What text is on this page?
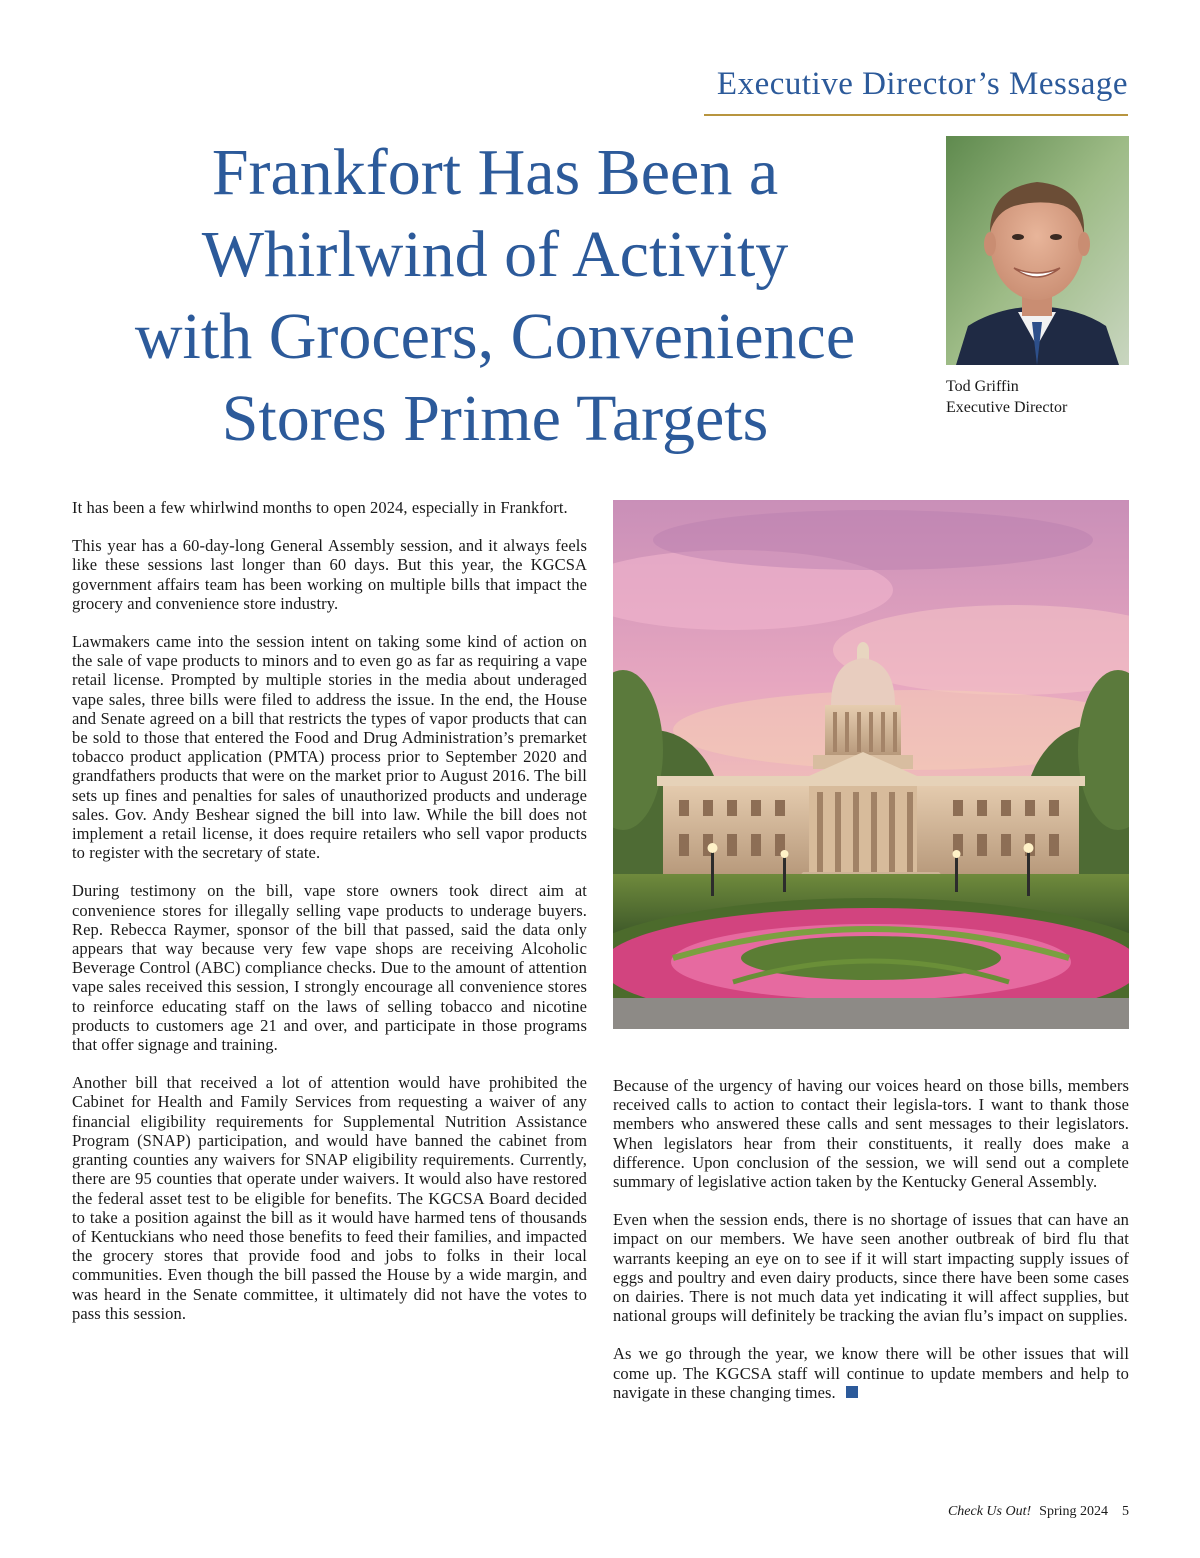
Executive Director’s Message
Frankfort Has Been a
Whirlwind of Activity
with Grocers, Convenience
Stores Prime Targets	Tod Griffin
Executive Director

It has been a few whirlwind months to open 2024, especially in Frankfort.

This year has a 60-day-long General Assembly session, and it always feels like these sessions last longer than 60 days. But this year, the KGCSA government affairs team has been working on multiple bills that impact the grocery and convenience store industry.

Lawmakers came into the session intent on taking some kind of action on the sale of vape products to minors and to even go as far as requiring a vape retail license. Prompted by multiple stories in the media about underaged vape sales, three bills were filed to address the issue. In the end, the House and Senate agreed on a bill that restricts the types of vapor products that can be sold to those that entered the Food and Drug Administration’s premarket tobacco product application (PMTA) process prior to September 2020 and grandfathers products that were on the market prior to August 2016. The bill sets up fines and penalties for sales of unauthorized products and underage sales. Gov. Andy Beshear signed the bill into law. While the bill does not implement a retail license, it does require retailers who sell vapor products to register with the secretary of state.

During testimony on the bill, vape store owners took direct aim at convenience stores for illegally selling vape products to underage buyers. Rep. Rebecca Raymer, sponsor of the bill that passed, said the data only appears that way because very few vape shops are receiving Alcoholic Beverage Control (ABC) compliance checks. Due to the amount of attention vape sales received this session, I strongly encourage all convenience stores to reinforce educating staff on the laws of selling tobacco and nicotine products to customers age 21 and over, and participate in those programs that offer signage and training.

Another bill that received a lot of attention would have prohibited the Cabinet for Health and Family Services from requesting a waiver of any financial eligibility requirements for Supplemental Nutrition Assistance Program (SNAP) participation, and would have banned the cabinet from granting counties any waivers for SNAP eligibility requirements. Currently, there are 95 counties that operate under waivers. It would also have restored the federal asset test to be eligible for benefits. The KGCSA Board decided to take a position against the bill as it would have harmed tens of thousands of Kentuckians who need those benefits to feed their families, and impacted the grocery stores that provide food and jobs to folks in their local communities. Even though the bill passed the House by a wide margin, and was heard in the Senate committee, it ultimately did not have the votes to pass this session.

Because of the urgency of having our voices heard on those bills, members received calls to action to contact their legisla-tors. I want to thank those members who answered these calls and sent messages to their legislators. When legislators hear from their constituents, it really does make a difference. Upon conclusion of the session, we will send out a complete summary of legislative action taken by the Kentucky General Assembly.

Even when the session ends, there is no shortage of issues that can have an impact on our members. We have seen another outbreak of bird flu that warrants keeping an eye on to see if it will start impacting supply issues of eggs and poultry and even dairy products, since there have been some cases on dairies. There is not much data yet indicating it will affect supplies, but national groups will definitely be tracking the avian flu’s impact on supplies.

As we go through the year, we know there will be other issues that will come up. The KGCSA staff will continue to update members and help to navigate in these changing times.

Check Us Out! Spring 2024 5
